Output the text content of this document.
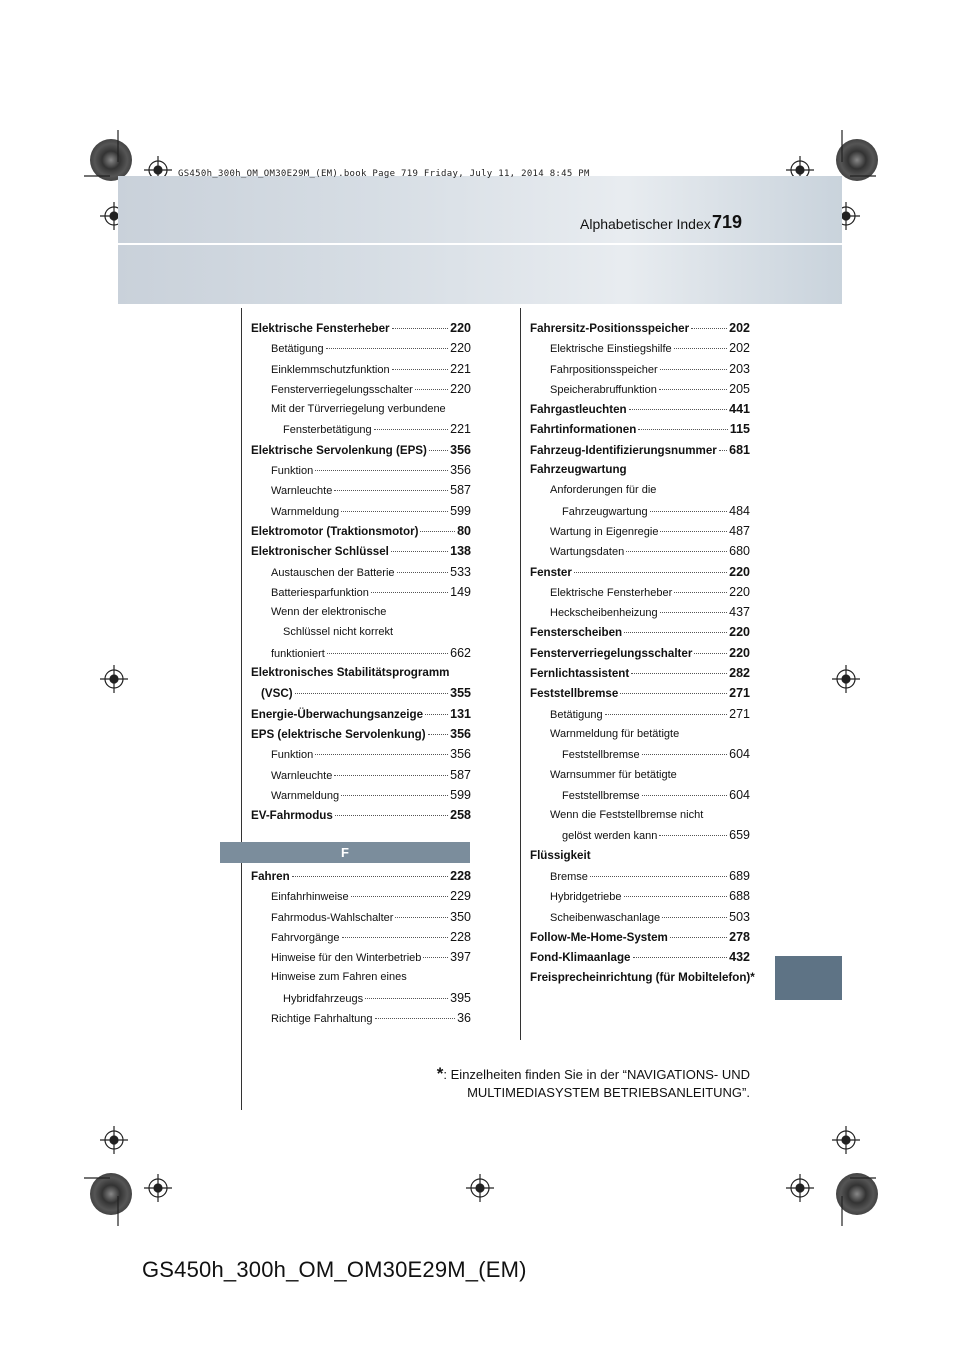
GS450h_300h_OM_OM30E29M_(EM).book Page 719 Friday, July 11, 2014 8:45 PM
Alphabetischer Index 719
Elektrische Fensterheber	220
Betätigung	220
Einklemmschutzfunktion	221
Fensterverriegelungsschalter	220
Mit der Türverriegelung verbundene
Fensterbetätigung	221
Elektrische Servolenkung (EPS) 356
Funktion	356
Warnleuchte	587
Warnmeldung	599
Elektromotor (Traktionsmotor)	80
Elektronischer Schlüssel	138
Austauschen der Batterie	533
Batteriesparfunktion	149
Wenn der elektronische
Schlüssel nicht korrekt
funktioniert	662
Elektronisches Stabilitätsprogramm
(VSC)	355
Energie-Überwachungsanzeige 131
EPS (elektrische Servolenkung) 356
Funktion	356
Warnleuchte	587
Warnmeldung	599
EV-Fahrmodus	258
F
Fahren	228
Einfahrhinweise	229
Fahrmodus-Wahlschalter	350
Fahrvorgänge	228
Hinweise für den Winterbetrieb 397
Hinweise zum Fahren eines
Hybridfahrzeugs	395
Richtige Fahrhaltung	36
Fahrersitz-Positionsspeicher	202
Elektrische Einstiegshilfe	202
Fahrpositionsspeicher	203
Speicherabruffunktion	205
Fahrgastleuchten	441
Fahrtinformationen	115
Fahrzeug-Identifizierungsnummer 681
Fahrzeugwartung
Anforderungen für die
Fahrzeugwartung	484
Wartung in Eigenregie	487
Wartungsdaten	680
Fenster	220
Elektrische Fensterheber	220
Heckscheibenheizung	437
Fensterscheiben	220
Fensterverriegelungsschalter	220
Fernlichtassistent	282
Feststellbremse	271
Betätigung	271
Warnmeldung für betätigte
Feststellbremse	604
Warnsummer für betätigte
Feststellbremse	604
Wenn die Feststellbremse nicht
gelöst werden kann	659
Flüssigkeit
Bremse	689
Hybridgetriebe	688
Scheibenwaschanlage	503
Follow-Me-Home-System	278
Fond-Klimaanlage	432
Freisprecheinrichtung (für Mobiltelefon)*
*: Einzelheiten finden Sie in der “NAVIGATIONS- UND
MULTIMEDIASYSTEM BETRIEBSANLEITUNG”.
GS450h_300h_OM_OM30E29M_(EM)
